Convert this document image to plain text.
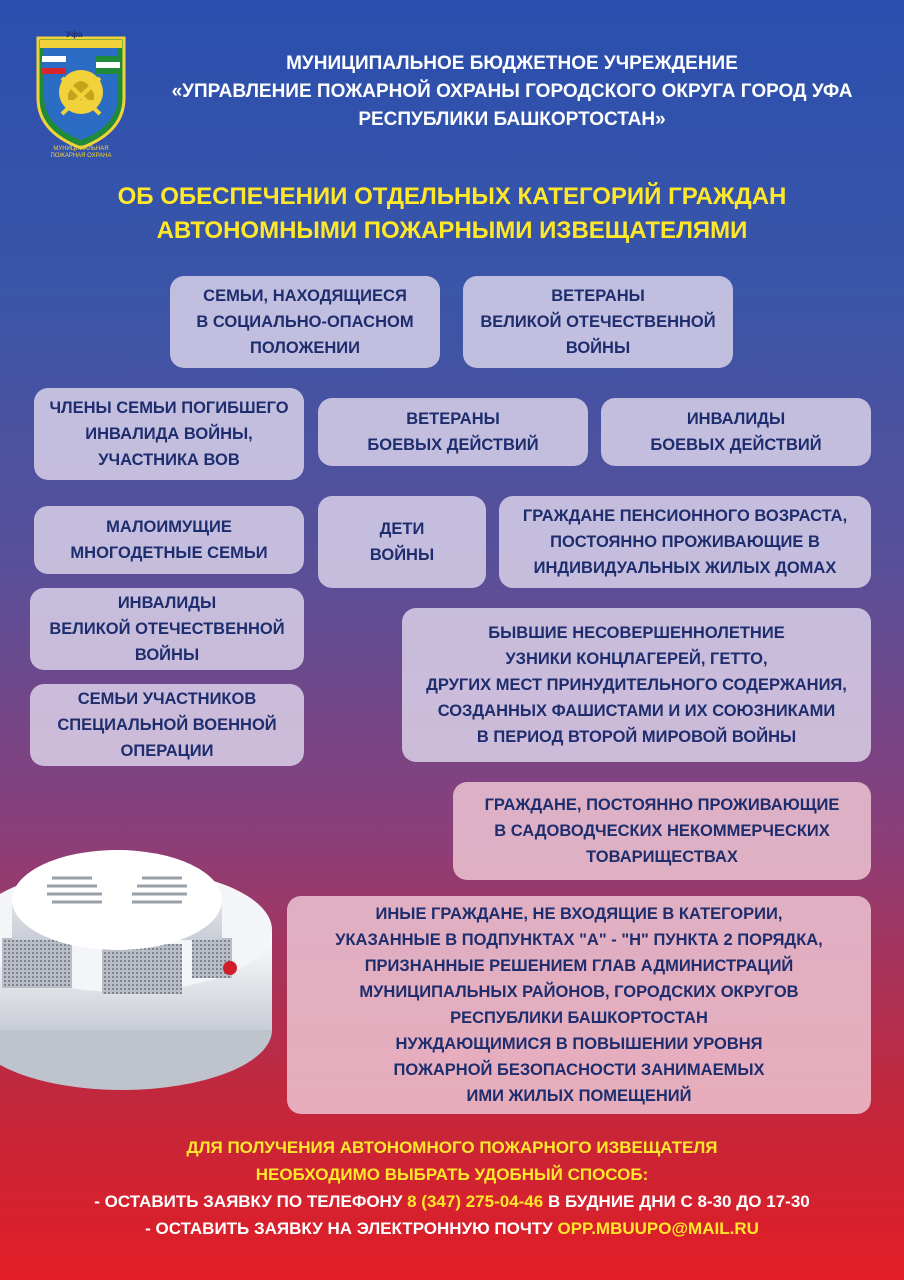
Уфа
МУНИЦИПАЛЬНАЯ ПОЖАРНАЯ ОХРАНА
МУНИЦИПАЛЬНОЕ БЮДЖЕТНОЕ УЧРЕЖДЕНИЕ
«УПРАВЛЕНИЕ ПОЖАРНОЙ ОХРАНЫ ГОРОДСКОГО ОКРУГА ГОРОД УФА
РЕСПУБЛИКИ БАШКОРТОСТАН»
ОБ ОБЕСПЕЧЕНИИ ОТДЕЛЬНЫХ КАТЕГОРИЙ ГРАЖДАН
АВТОНОМНЫМИ ПОЖАРНЫМИ ИЗВЕЩАТЕЛЯМИ
СЕМЬИ, НАХОДЯЩИЕСЯ
В СОЦИАЛЬНО-ОПАСНОМ
ПОЛОЖЕНИИ
ВЕТЕРАНЫ
ВЕЛИКОЙ ОТЕЧЕСТВЕННОЙ
ВОЙНЫ
ЧЛЕНЫ СЕМЬИ ПОГИБШЕГО
ИНВАЛИДА ВОЙНЫ,
УЧАСТНИКА ВОВ
ВЕТЕРАНЫ
БОЕВЫХ ДЕЙСТВИЙ
ИНВАЛИДЫ
БОЕВЫХ ДЕЙСТВИЙ
МАЛОИМУЩИЕ
МНОГОДЕТНЫЕ СЕМЬИ
ДЕТИ
ВОЙНЫ
ГРАЖДАНЕ ПЕНСИОННОГО ВОЗРАСТА,
ПОСТОЯННО ПРОЖИВАЮЩИЕ В
ИНДИВИДУАЛЬНЫХ ЖИЛЫХ ДОМАХ
ИНВАЛИДЫ
ВЕЛИКОЙ ОТЕЧЕСТВЕННОЙ
ВОЙНЫ
БЫВШИЕ НЕСОВЕРШЕННОЛЕТНИЕ
УЗНИКИ КОНЦЛАГЕРЕЙ, ГЕТТО,
ДРУГИХ МЕСТ ПРИНУДИТЕЛЬНОГО СОДЕРЖАНИЯ,
СОЗДАННЫХ ФАШИСТАМИ И ИХ СОЮЗНИКАМИ
В ПЕРИОД ВТОРОЙ МИРОВОЙ ВОЙНЫ
СЕМЬИ УЧАСТНИКОВ
СПЕЦИАЛЬНОЙ ВОЕННОЙ
ОПЕРАЦИИ
ГРАЖДАНЕ, ПОСТОЯННО ПРОЖИВАЮЩИЕ
В САДОВОДЧЕСКИХ НЕКОММЕРЧЕСКИХ
ТОВАРИЩЕСТВАХ
ИНЫЕ ГРАЖДАНЕ, НЕ ВХОДЯЩИЕ В КАТЕГОРИИ,
УКАЗАННЫЕ В ПОДПУНКТАХ "А" - "Н" ПУНКТА 2 ПОРЯДКА,
ПРИЗНАННЫЕ РЕШЕНИЕМ ГЛАВ АДМИНИСТРАЦИЙ
МУНИЦИПАЛЬНЫХ РАЙОНОВ, ГОРОДСКИХ ОКРУГОВ
РЕСПУБЛИКИ БАШКОРТОСТАН
НУЖДАЮЩИМИСЯ В ПОВЫШЕНИИ УРОВНЯ
ПОЖАРНОЙ БЕЗОПАСНОСТИ ЗАНИМАЕМЫХ
ИМИ ЖИЛЫХ ПОМЕЩЕНИЙ
ДЛЯ ПОЛУЧЕНИЯ АВТОНОМНОГО ПОЖАРНОГО ИЗВЕЩАТЕЛЯ
НЕОБХОДИМО ВЫБРАТЬ УДОБНЫЙ СПОСОБ:
- ОСТАВИТЬ ЗАЯВКУ ПО ТЕЛЕФОНУ 8 (347) 275-04-46 В БУДНИЕ ДНИ С 8-30 ДО 17-30
- ОСТАВИТЬ ЗАЯВКУ НА ЭЛЕКТРОННУЮ ПОЧТУ OPP.MBUUPO@MAIL.RU
